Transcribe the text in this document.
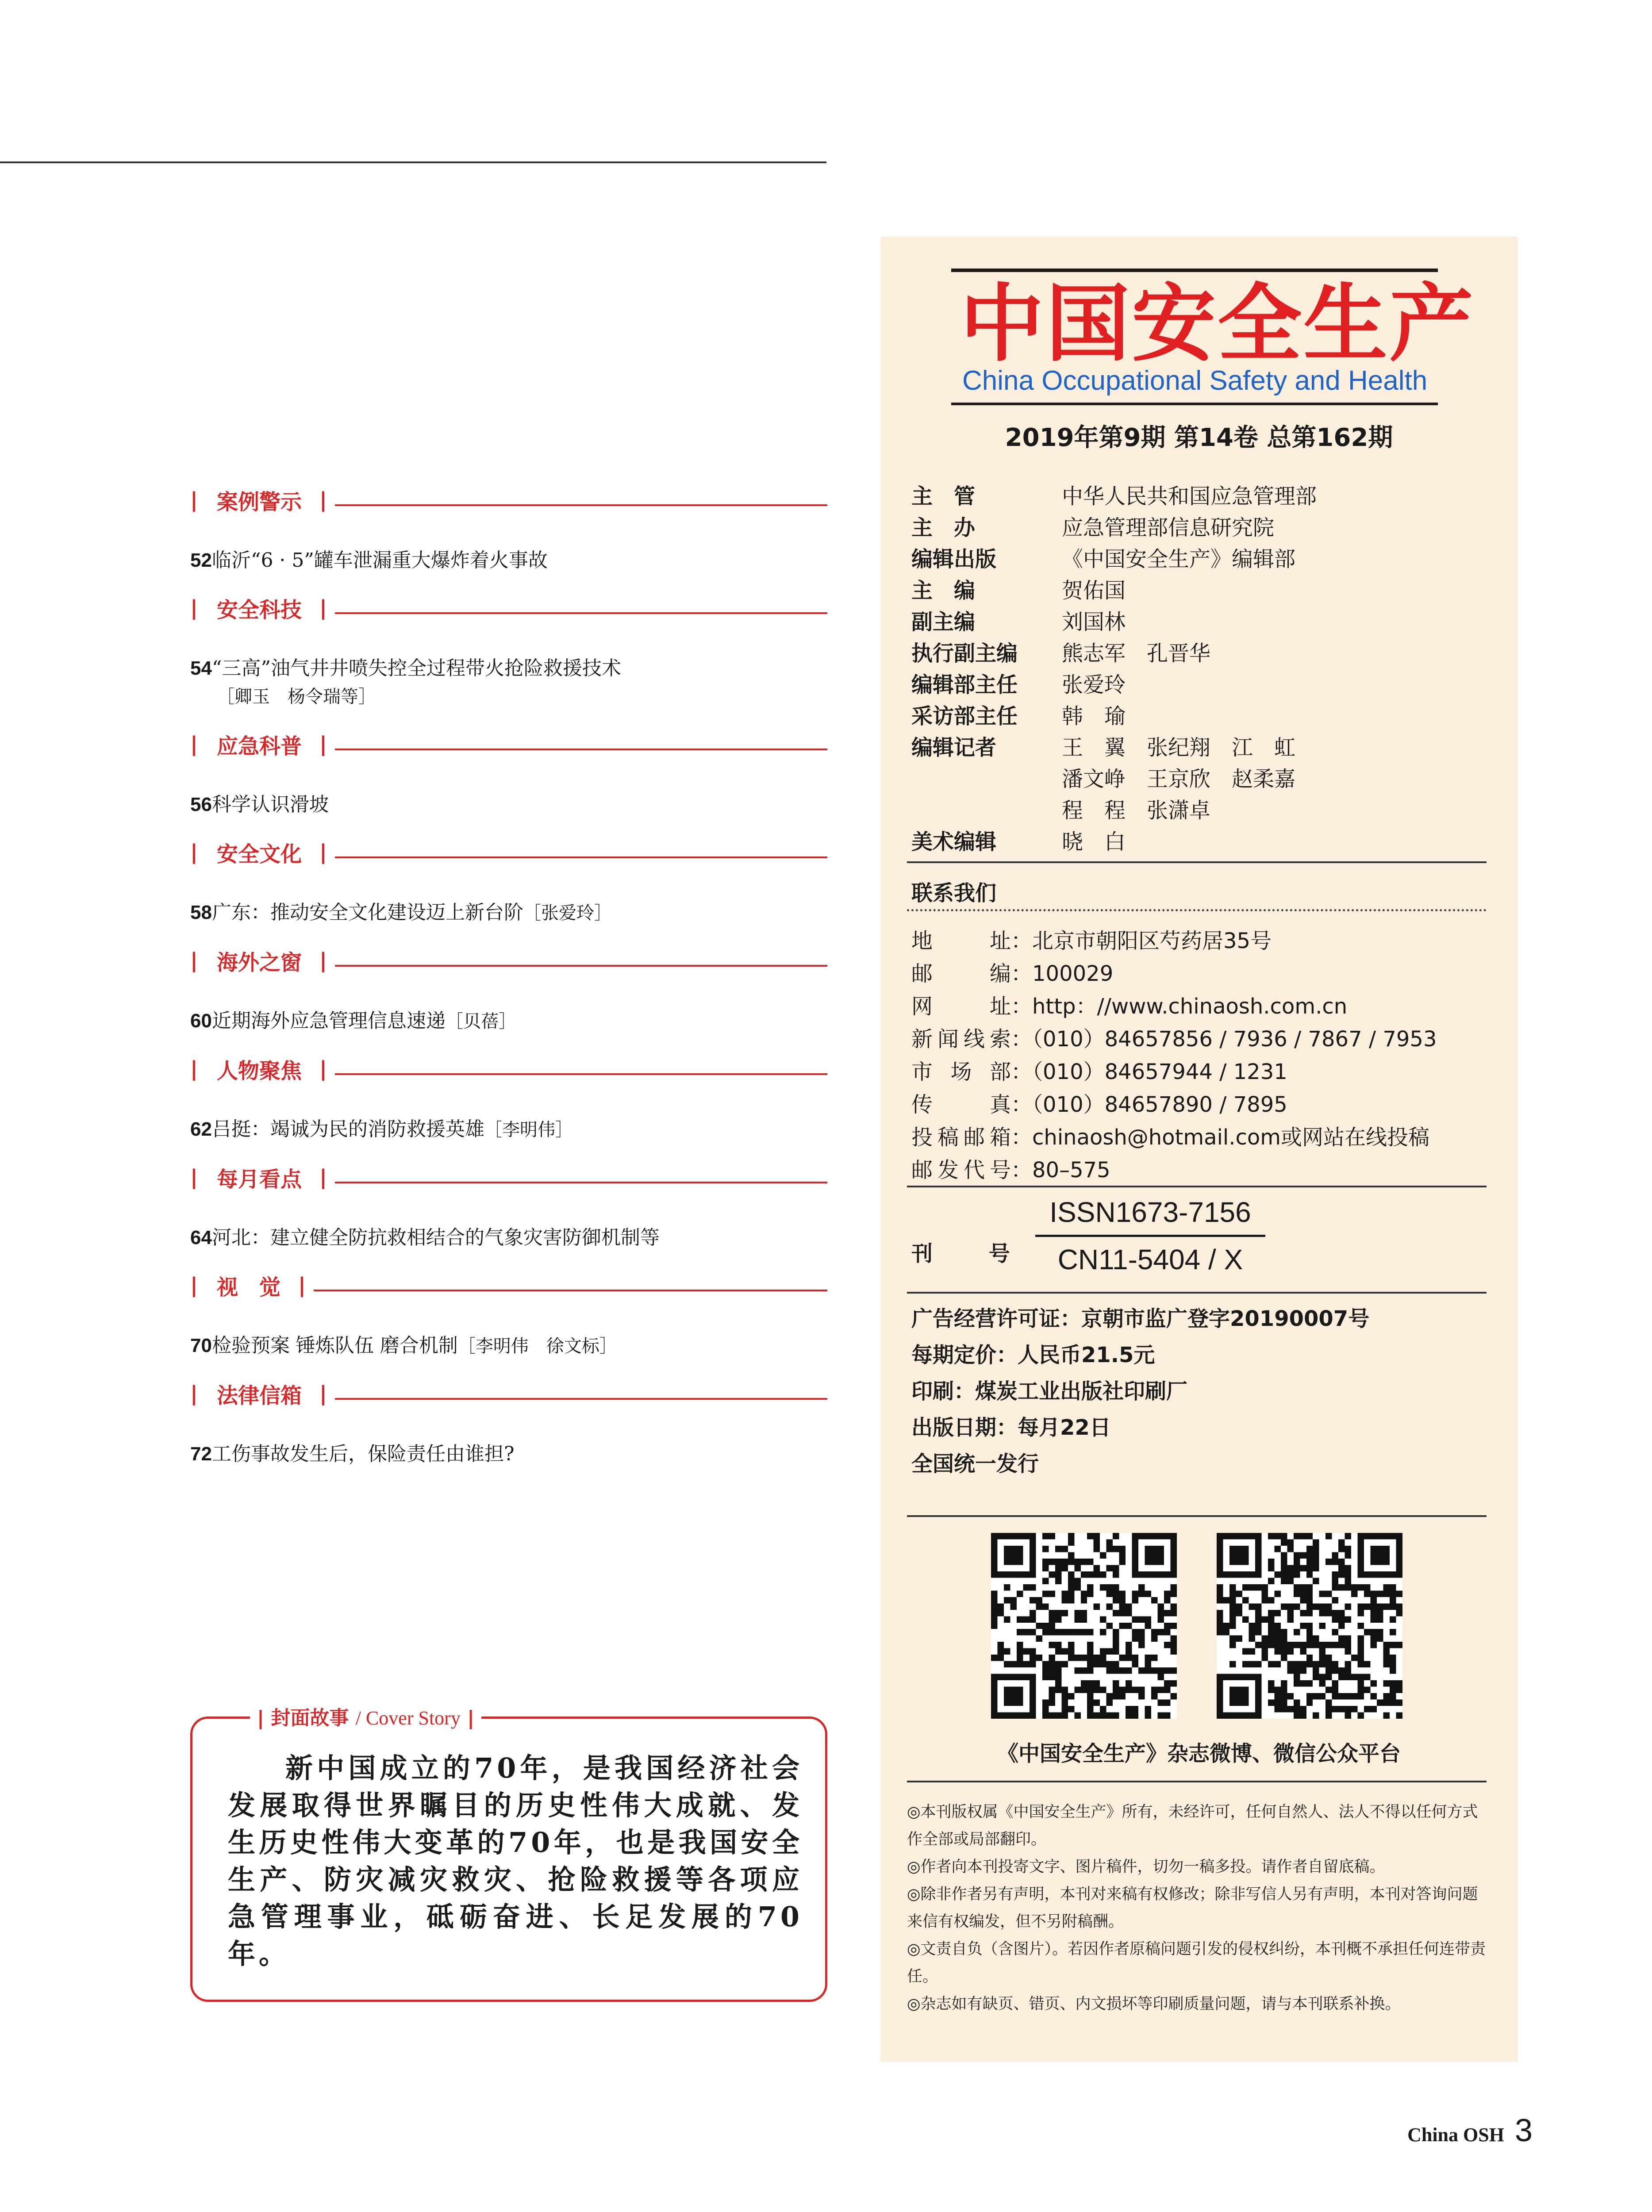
| 案例警示 |
52临沂“6 · 5”罐车泄漏重大爆炸着火事故
| 安全科技 |
54“三高”油气井井喷失控全过程带火抢险救援技术
［卿玉　杨令瑞等］
| 应急科普 |
56科学认识滑坡
| 安全文化 |
58广东：推动安全文化建设迈上新台阶［张爱玲］
| 海外之窗 |
60近期海外应急管理信息速递［贝蓓］
| 人物聚焦 |
62吕挺：竭诚为民的消防救援英雄［李明伟］
| 每月看点 |
64河北：建立健全防抗救相结合的气象灾害防御机制等
| 视　觉 |
70检验预案 锤炼队伍 磨合机制［李明伟　徐文标］
| 法律信箱 |
72工伤事故发生后，保险责任由谁担?
| 封面故事 / Cover Story |
新中国成立的70年，是我国经济社会发展取得世界瞩目的历史性伟大成就、发生历史性伟大变革的70年，也是我国安全生产、防灾减灾救灾、抢险救援等各项应急管理事业，砥砺奋进、长足发展的70年。
中国安全生产
China Occupational Safety and Health
2019年第9期 第14卷 总第162期
主　管	中华人民共和国应急管理部
主　办	应急管理部信息研究院
编辑出版	《中国安全生产》编辑部
主　编	贺佑国
副主编	刘国林
执行副主编	熊志军　孔晋华
编辑部主任	张爱玲
采访部主任	韩　瑜
编辑记者	王　翼　张纪翔　江　虹
潘文峥　王京欣　赵柔嘉
程　程　张潇卓
美术编辑	晓　白
联系我们
地址：北京市朝阳区芍药居35号
邮编：100029
网址：http：//www.chinaosh.com.cn
新闻线索：（010）84657856 / 7936 / 7867 / 7953
市场部：（010）84657944 / 1231
传真：（010）84657890 / 7895
投稿邮箱：chinaosh@hotmail.com或网站在线投稿
邮发代号：80–575
刊 号
ISSN1673-7156
CN11-5404 / X
广告经营许可证：京朝市监广登字20190007号
每期定价：人民币21.5元
印刷：煤炭工业出版社印刷厂
出版日期：每月22日
全国统一发行
《中国安全生产》杂志微博、微信公众平台

◎本刊版权属《中国安全生产》所有，未经许可，任何自然人、法人不得以任何方式作全部或局部翻印。

◎作者向本刊投寄文字、图片稿件，切勿一稿多投。请作者自留底稿。

◎除非作者另有声明，本刊对来稿有权修改；除非写信人另有声明，本刊对答询问题来信有权编发，但不另附稿酬。

◎文责自负（含图片）。若因作者原稿问题引发的侵权纠纷，本刊概不承担任何连带责任。

◎杂志如有缺页、错页、内文损坏等印刷质量问题，请与本刊联系补换。

China OSH 3
